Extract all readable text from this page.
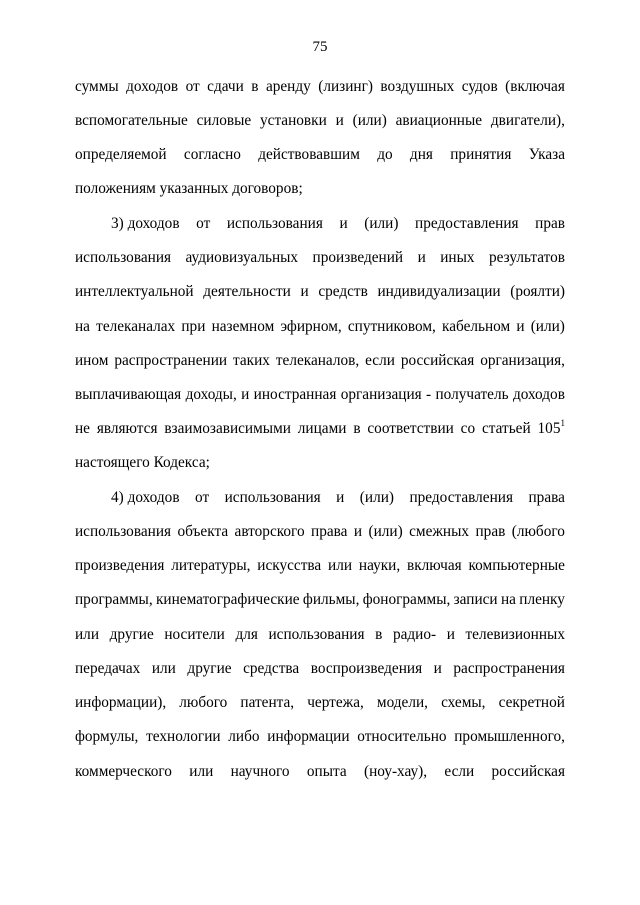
75
суммы доходов от сдачи в аренду (лизинг) воздушных судов (включая
вспомогательные силовые установки и (или) авиационные двигатели),
определяемой согласно действовавшим до дня принятия Указа
положениям указанных договоров;
3) доходов от использования и (или) предоставления прав
использования аудиовизуальных произведений и иных результатов
интеллектуальной деятельности и средств индивидуализации (роялти)
на телеканалах при наземном эфирном, спутниковом, кабельном и (или)
ином распространении таких телеканалов, если российская организация,
выплачивающая доходы, и иностранная организация - получатель доходов
не являются взаимозависимыми лицами в соответствии со статьей $105^1$
настоящего Кодекса;
4) доходов от использования и (или) предоставления права
использования объекта авторского права и (или) смежных прав (любого
произведения литературы, искусства или науки, включая компьютерные
программы, кинематографические фильмы, фонограммы, записи на пленку
или другие носители для использования в радио- и телевизионных
передачах или другие средства воспроизведения и распространения
информации), любого патента, чертежа, модели, схемы, секретной
формулы, технологии либо информации относительно промышленного,
коммерческого или научного опыта (ноу-хау), если российская
